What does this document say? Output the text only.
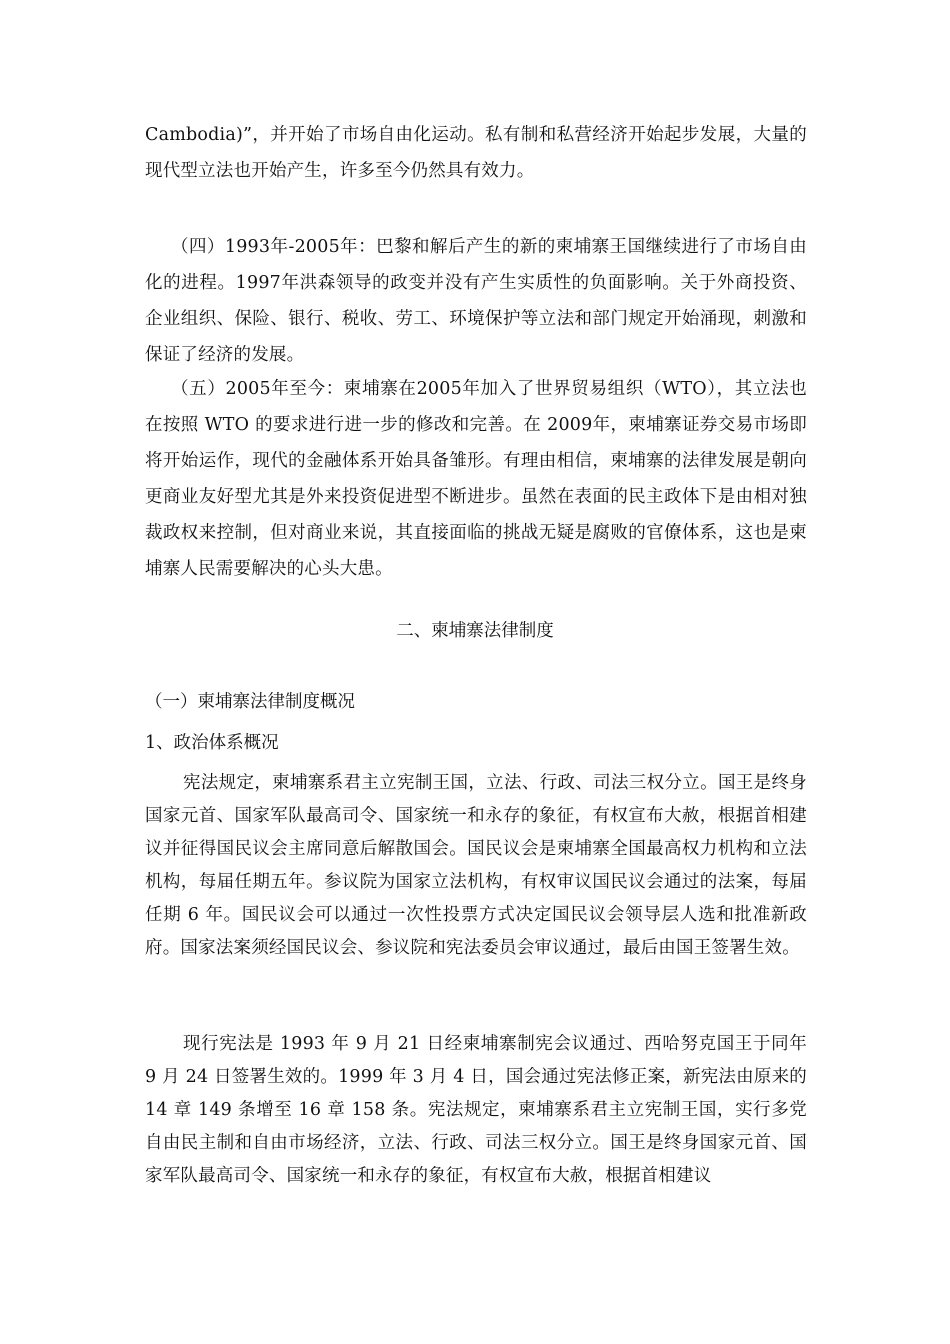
Cambodia)”，并开始了市场自由化运动。私有制和私营经济开始起步发展，大量的现代型立法也开始产生，许多至今仍然具有效力。

（四）1993年-2005年：巴黎和解后产生的新的柬埔寨王国继续进行了市场自由化的进程。1997年洪森领导的政变并没有产生实质性的负面影响。关于外商投资、企业组织、保险、银行、税收、劳工、环境保护等立法和部门规定开始涌现，刺激和保证了经济的发展。

（五）2005年至今：柬埔寨在2005年加入了世界贸易组织（WTO），其立法也在按照 WTO 的要求进行进一步的修改和完善。在 2009年，柬埔寨证券交易市场即将开始运作，现代的金融体系开始具备雏形。有理由相信，柬埔寨的法律发展是朝向更商业友好型尤其是外来投资促进型不断进步。虽然在表面的民主政体下是由相对独裁政权来控制，但对商业来说，其直接面临的挑战无疑是腐败的官僚体系，这也是柬埔寨人民需要解决的心头大患。

二、柬埔寨法律制度

（一）柬埔寨法律制度概况

1、政治体系概况

宪法规定，柬埔寨系君主立宪制王国，立法、行政、司法三权分立。国王是终身国家元首、国家军队最高司令、国家统一和永存的象征，有权宣布大赦，根据首相建议并征得国民议会主席同意后解散国会。国民议会是柬埔寨全国最高权力机构和立法机构，每届任期五年。参议院为国家立法机构，有权审议国民议会通过的法案，每届任期 6 年。国民议会可以通过一次性投票方式决定国民议会领导层人选和批准新政府。国家法案须经国民议会、参议院和宪法委员会审议通过，最后由国王签署生效。

现行宪法是 1993 年 9 月 21 日经柬埔寨制宪会议通过、西哈努克国王于同年 9 月 24 日签署生效的。1999 年 3 月 4 日，国会通过宪法修正案，新宪法由原来的 14 章 149 条增至 16 章 158 条。宪法规定，柬埔寨系君主立宪制王国，实行多党自由民主制和自由市场经济，立法、行政、司法三权分立。国王是终身国家元首、国家军队最高司令、国家统一和永存的象征，有权宣布大赦，根据首相建议
